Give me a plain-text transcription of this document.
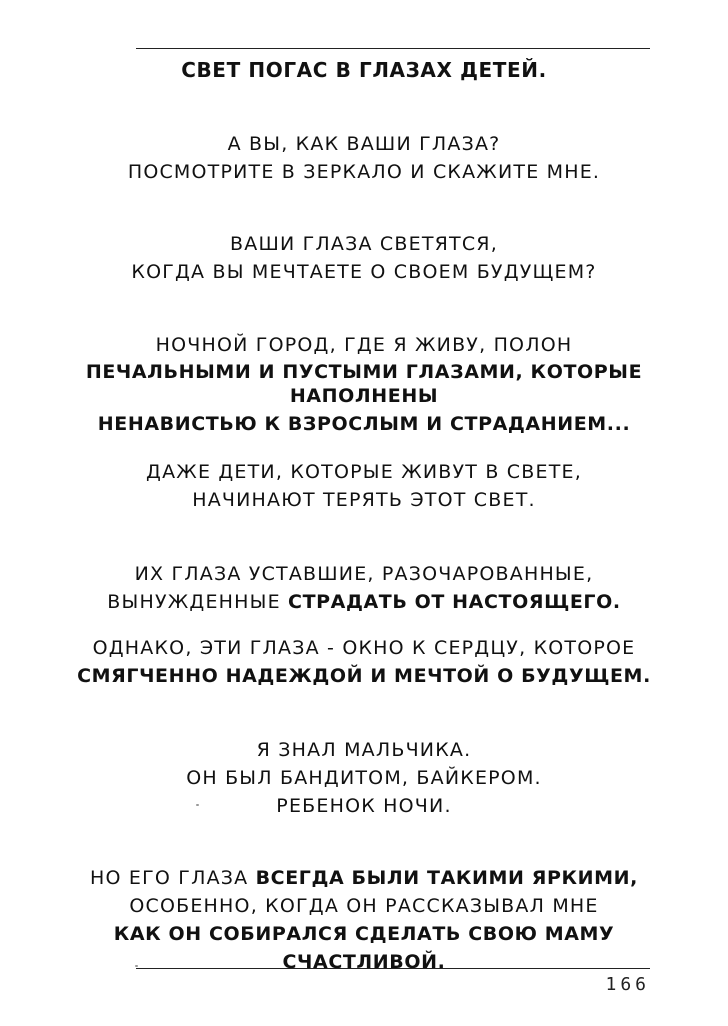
СВЕТ ПОГАС В ГЛАЗАХ ДЕТЕЙ.
А ВЫ, КАК ВАШИ ГЛАЗА?
ПОСМОТРИТЕ В ЗЕРКАЛО И СКАЖИТЕ МНЕ.
ВАШИ ГЛАЗА СВЕТЯТСЯ,
КОГДА ВЫ МЕЧТАЕТЕ О СВОЕМ БУДУЩЕМ?
НОЧНОЙ ГОРОД, ГДЕ Я ЖИВУ, ПОЛОН
ПЕЧАЛЬНЫМИ И ПУСТЫМИ ГЛАЗАМИ, КОТОРЫЕ
НАПОЛНЕНЫ
НЕНАВИСТЬЮ К ВЗРОСЛЫМ И СТРАДАНИЕМ...
ДАЖЕ ДЕТИ, КОТОРЫЕ ЖИВУТ В СВЕТЕ,
НАЧИНАЮТ ТЕРЯТЬ ЭТОТ СВЕТ.
ИХ ГЛАЗА УСТАВШИЕ, РАЗОЧАРОВАННЫЕ,
ВЫНУЖДЕННЫЕ СТРАДАТЬ ОТ НАСТОЯЩЕГО.
ОДНАКО, ЭТИ ГЛАЗА - ОКНО К СЕРДЦУ, КОТОРОЕ
СМЯГЧЕННО НАДЕЖДОЙ И МЕЧТОЙ О БУДУЩЕМ.
Я ЗНАЛ МАЛЬЧИКА.
ОН БЫЛ БАНДИТОМ, БАЙКЕРОМ.
РЕБЕНОК НОЧИ.
НО ЕГО ГЛАЗА ВСЕГДА БЫЛИ ТАКИМИ ЯРКИМИ,
ОСОБЕННО, КОГДА ОН РАССКАЗЫВАЛ МНЕ
КАК ОН СОБИРАЛСЯ СДЕЛАТЬ СВОЮ МАМУ
СЧАСТЛИВОЙ.
166
